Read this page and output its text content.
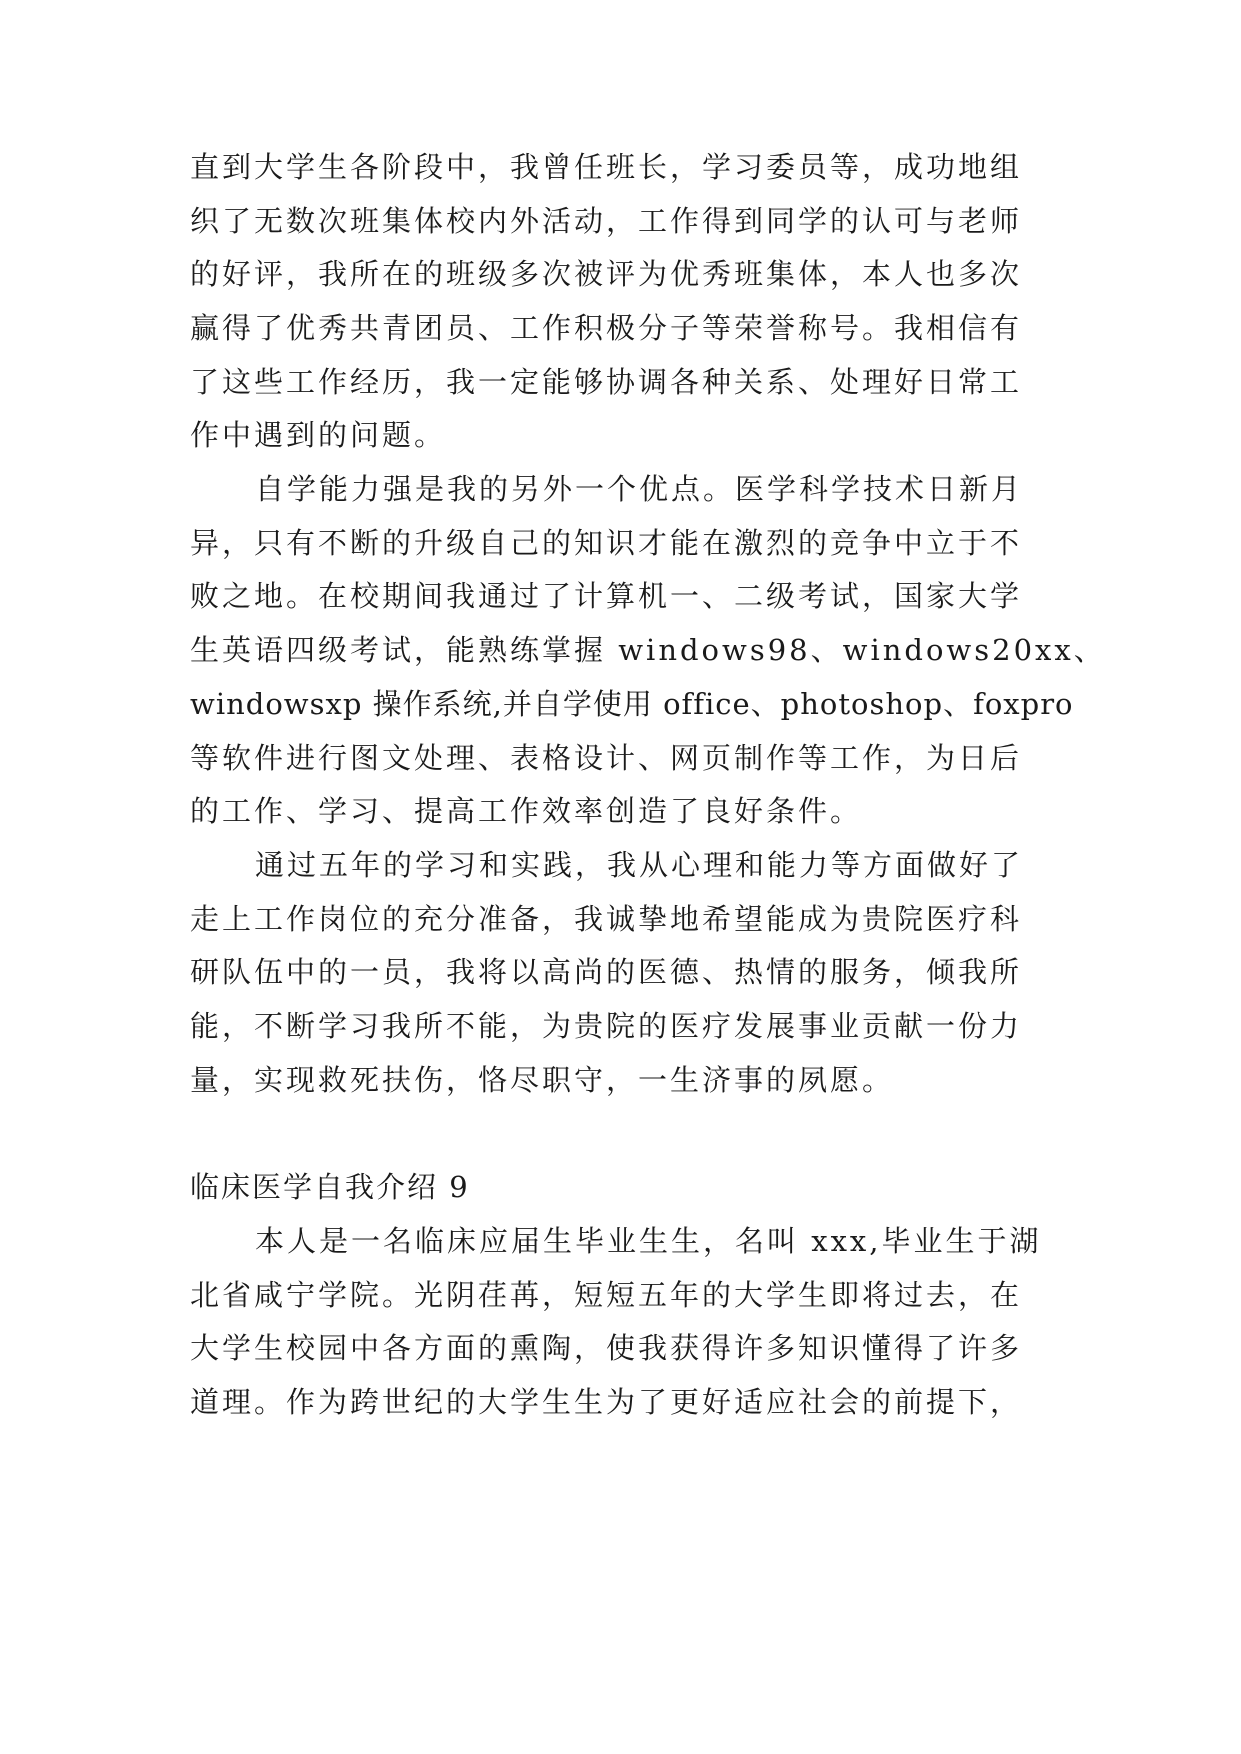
直到大学生各阶段中，我曾任班长，学习委员等，成功地组
织了无数次班集体校内外活动，工作得到同学的认可与老师
的好评，我所在的班级多次被评为优秀班集体，本人也多次
赢得了优秀共青团员、工作积极分子等荣誉称号。我相信有
了这些工作经历，我一定能够协调各种关系、处理好日常工
作中遇到的问题。
自学能力强是我的另外一个优点。医学科学技术日新月
异，只有不断的升级自己的知识才能在激烈的竞争中立于不
败之地。在校期间我通过了计算机一、二级考试，国家大学
生英语四级考试，能熟练掌握 windows98、windows20xx、
windowsxp 操作系统,并自学使用 office、photoshop、foxpro
等软件进行图文处理、表格设计、网页制作等工作，为日后
的工作、学习、提高工作效率创造了良好条件。
通过五年的学习和实践，我从心理和能力等方面做好了
走上工作岗位的充分准备，我诚挚地希望能成为贵院医疗科
研队伍中的一员，我将以高尚的医德、热情的服务，倾我所
能，不断学习我所不能，为贵院的医疗发展事业贡献一份力
量，实现救死扶伤，恪尽职守，一生济事的夙愿。
临床医学自我介绍 9
本人是一名临床应届生毕业生生，名叫 xxx,毕业生于湖
北省咸宁学院。光阴荏苒，短短五年的大学生即将过去，在
大学生校园中各方面的熏陶，使我获得许多知识懂得了许多
道理。作为跨世纪的大学生生为了更好适应社会的前提下，
